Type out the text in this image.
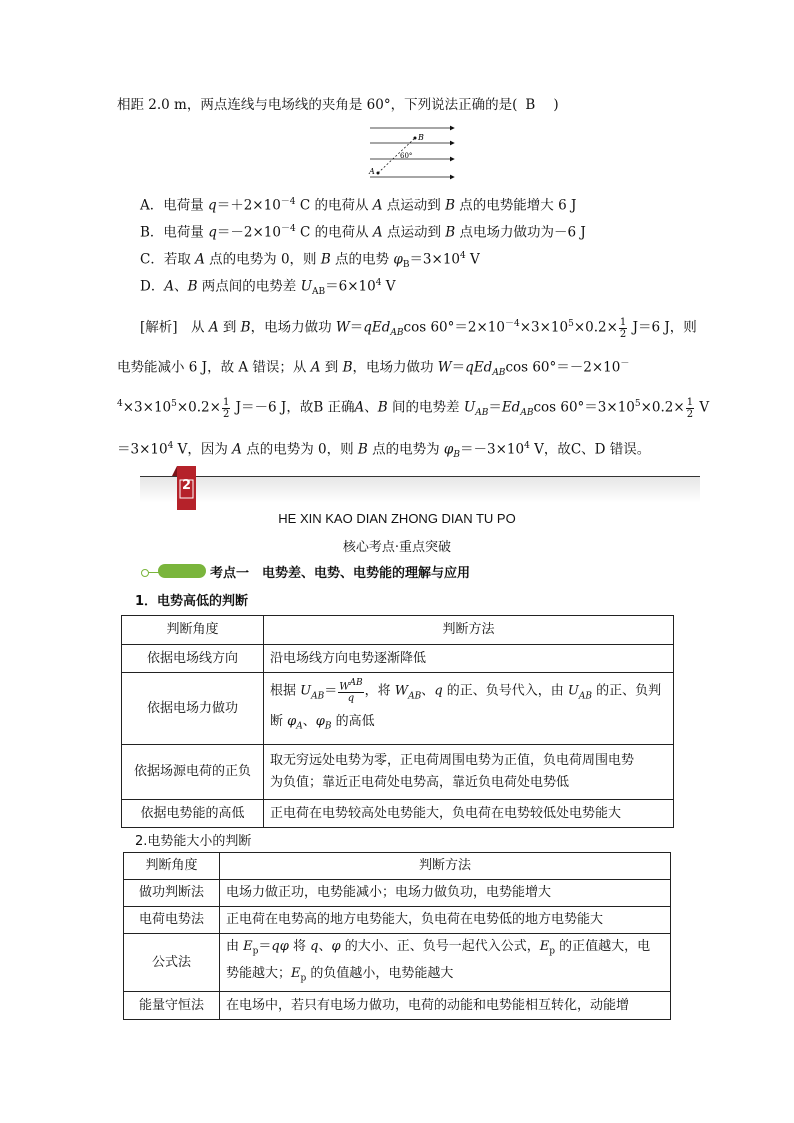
相距 2.0 m，两点连线与电场线的夹角是 60°，下列说法正确的是( B )
B
A
60°
A．电荷量 $q=+2\times 10^{-4}$ C 的电荷从 A 点运动到 B 点的电势能增大 6 J
B．电荷量 $q=-2\times 10^{-4}$ C 的电荷从 A 点运动到 B 点电场力做功为－6 J
C．若取 A 点的电势为 0，则 B 点的电势 $\varphi_B=3\times 10^4$ V
D．A、B 两点间的电势差 $U_{AB}=6\times 10^4$ V
[解析]　从 A 到 B，电场力做功 W＝qEd$_{AB}$cos $60^\circ=2\times 10^{-4}\times 3\times 10^5\times 0.2\times \frac{1}{2} J=6$ J，则
电势能减小 6 J，故 A 错误；从 A 到 B，电场力做功 W＝qEd$_{AB}$cos 60°＝－2×10－
$^4\times 3\times 10^5\times 0.2\times \frac{1}{2} J=-6$ J，故B 正确A、B 间的电势差 $U_{AB}=Ed_{AB}\cos$ $60^\circ=3\times 10^5\times 0.2\times \frac{1}{2}$ V
$=3\times 10^4$ V，因为 A 点的电势为 0，则 B 点的电势为 $\varphi_B=-3\times 10^4$ V，故C、D 错误。
2
HE XIN KAO DIAN ZHONG DIAN TU PO
核心考点·重点突破
考点一　电势差、电势、电势能的理解与应用
1．电势高低的判断
判断角度	判断方法
依据电场线方向	沿电场线方向电势逐渐降低
依据电场力做功	根据 $U_{AB}= \frac{W^{AB}}{q}$ ，将 $W_{AB}$、q 的正、负号代入，由 $U_{AB}$ 的正、负判
断 $\varphi_A$、$\varphi_B$ 的高低

依据场源电荷的正负	取无穷远处电势为零，正电荷周围电势为正值，负电荷周围电势
为负值；靠近正电荷处电势高，靠近负电荷处电势低

依据电势能的高低	正电荷在电势较高处电势能大，负电荷在电势较低处电势能大
2.电势能大小的判断
判断角度	判断方法
做功判断法	电场力做正功，电势能减小；电场力做负功，电势能增大
电荷电势法	正电荷在电势高的地方电势能大，负电荷在电势低的地方电势能大
公式法	由 $E_p=q\varphi$ 将 q、φ 的大小、正、负号一起代入公式，$E_p$ 的正值越大，电
势能越大；$E_p$ 的负值越小，电势能越大

能量守恒法	在电场中，若只有电场力做功，电荷的动能和电势能相互转化，动能增
